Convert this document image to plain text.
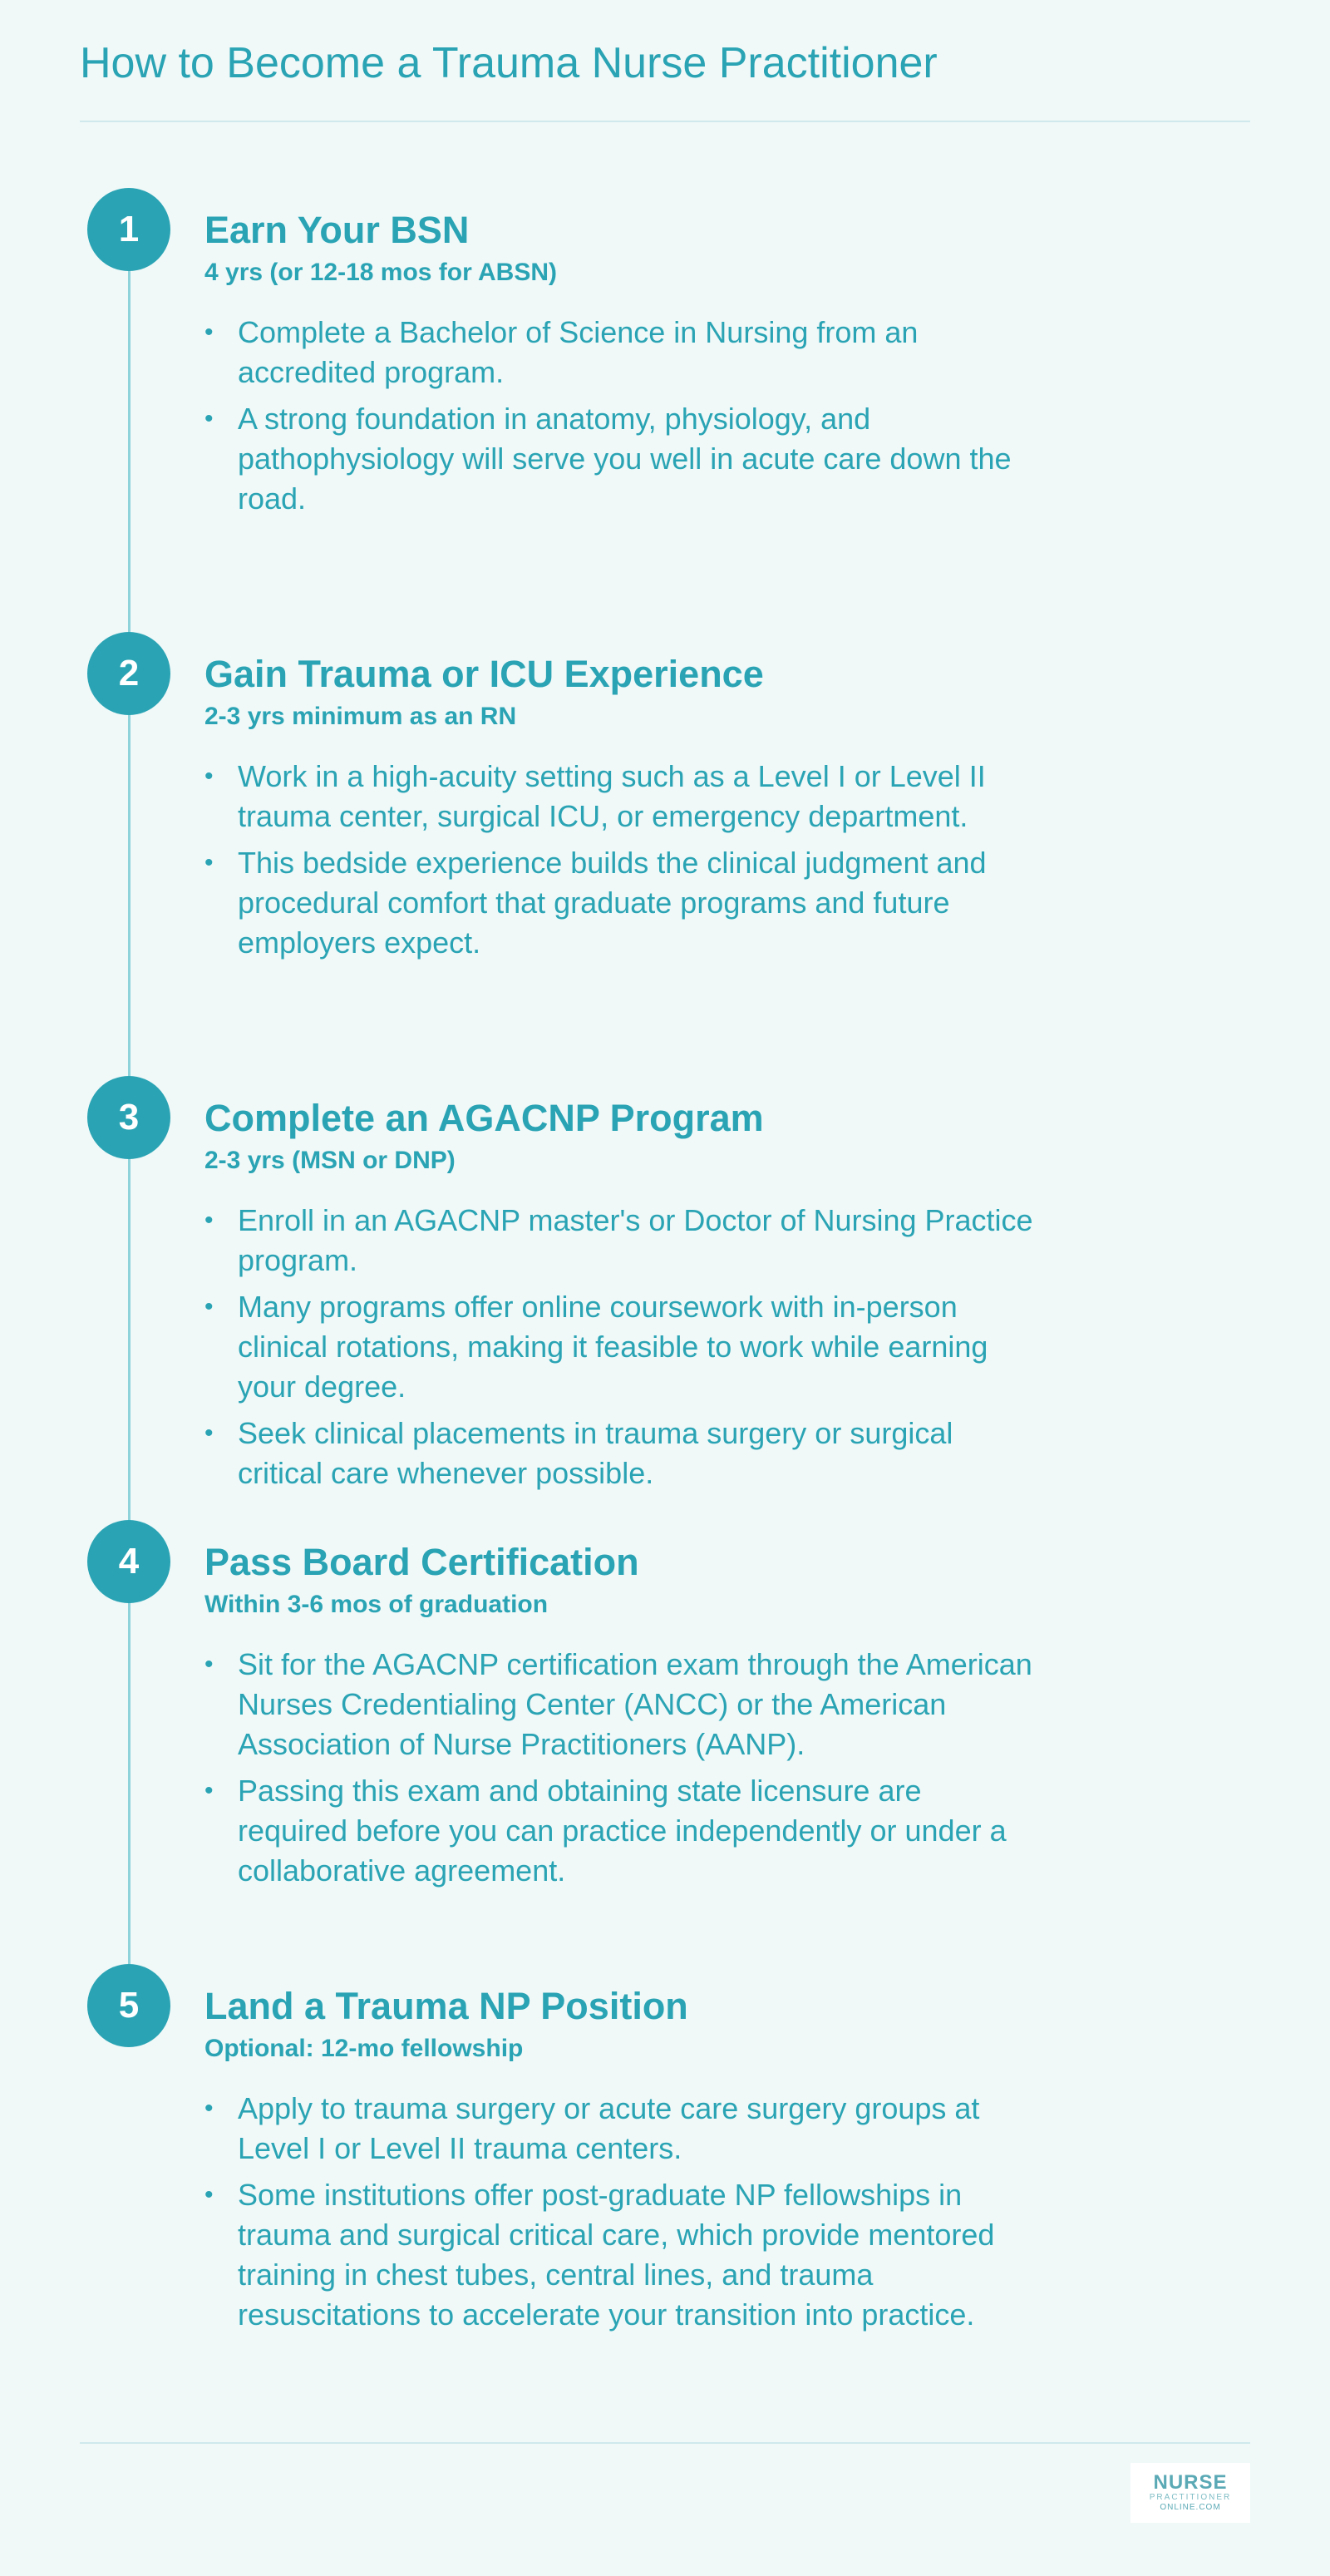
How to Become a Trauma Nurse Practitioner
1	Earn Your BSN

4 yrs (or 12-18 mos for ABSN)

• Complete a Bachelor of Science in Nursing from an accredited program.
• A strong foundation in anatomy, physiology, and pathophysiology will serve you well in acute care down the road.
2	Gain Trauma or ICU Experience

2-3 yrs minimum as an RN

• Work in a high-acuity setting such as a Level I or Level II trauma center, surgical ICU, or emergency department.
• This bedside experience builds the clinical judgment and procedural comfort that graduate programs and future employers expect.
3	Complete an AGACNP Program

2-3 yrs (MSN or DNP)

• Enroll in an AGACNP master's or Doctor of Nursing Practice program.
• Many programs offer online coursework with in-person clinical rotations, making it feasible to work while earning your degree.
• Seek clinical placements in trauma surgery or surgical critical care whenever possible.
4	Pass Board Certification

Within 3-6 mos of graduation

• Sit for the AGACNP certification exam through the American Nurses Credentialing Center (ANCC) or the American Association of Nurse Practitioners (AANP).
• Passing this exam and obtaining state licensure are required before you can practice independently or under a collaborative agreement.
5	Land a Trauma NP Position

Optional: 12-mo fellowship

• Apply to trauma surgery or acute care surgery groups at Level I or Level II trauma centers.
• Some institutions offer post-graduate NP fellowships in trauma and surgical critical care, which provide mentored training in chest tubes, central lines, and trauma resuscitations to accelerate your transition into practice.
NURSE
PRACTITIONER
ONLINE.COM
